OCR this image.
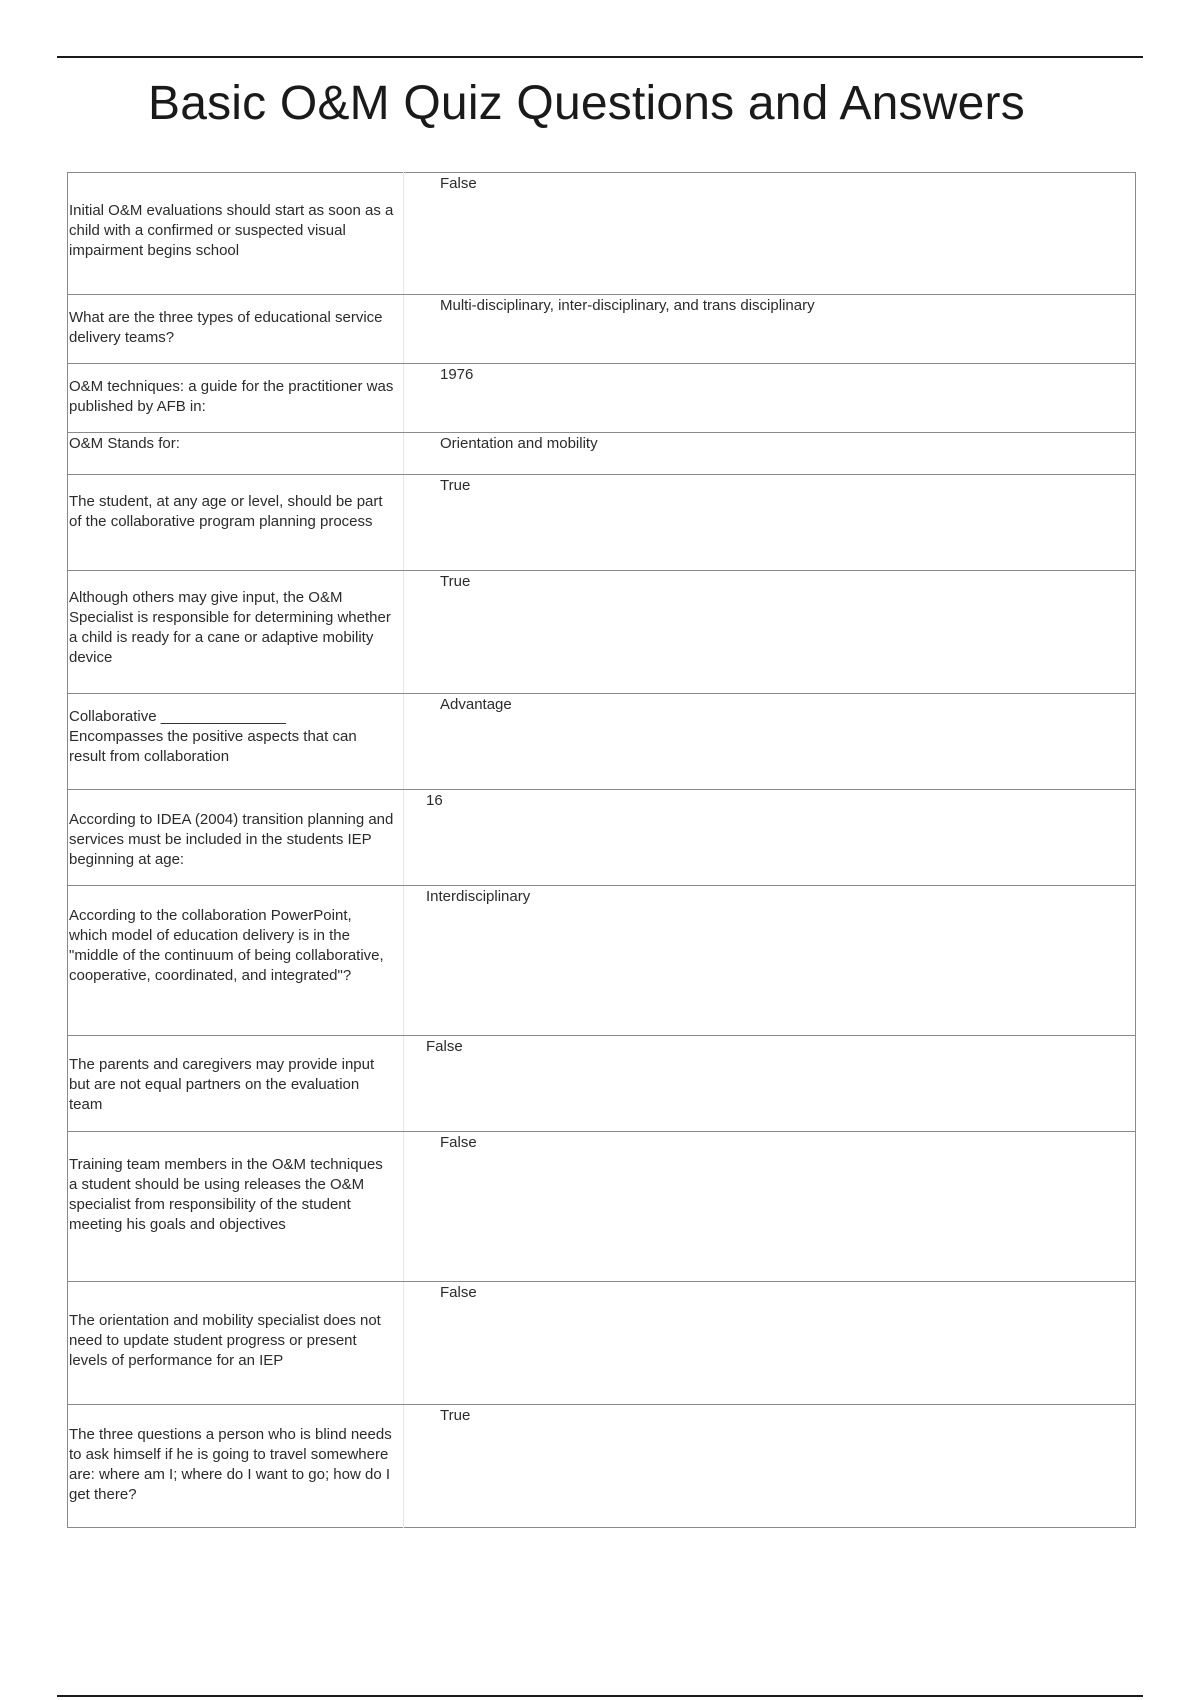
Basic O&M Quiz Questions and Answers
Initial O&M evaluations should start as soon as a child with a confirmed or suspected visual impairment begins school	False

What are the three types of educational service delivery teams?	Multi-disciplinary, inter-disciplinary, and trans disciplinary

O&M techniques: a guide for the practitioner was published by AFB in:	1976

O&M Stands for:	Orientation and mobility

The student, at any age or level, should be part of the collaborative program planning process	True

Although others may give input, the O&M Specialist is responsible for determining whether a child is ready for a cane or adaptive mobility device	True

Collaborative _______________
Encompasses the positive aspects that can result from collaboration	Advantage

According to IDEA (2004) transition planning and services must be included in the students IEP beginning at age:	16

According to the collaboration PowerPoint, which model of education delivery is in the "middle of the continuum of being collaborative, cooperative, coordinated, and integrated"?	Interdisciplinary

The parents and caregivers may provide input but are not equal partners on the evaluation team	False

Training team members in the O&M techniques a student should be using releases the O&M specialist from responsibility of the student meeting his goals and objectives	False

The orientation and mobility specialist does not need to update student progress or present levels of performance for an IEP	False

The three questions a person who is blind needs to ask himself if he is going to travel somewhere are: where am I; where do I want to go; how do I get there?	True
